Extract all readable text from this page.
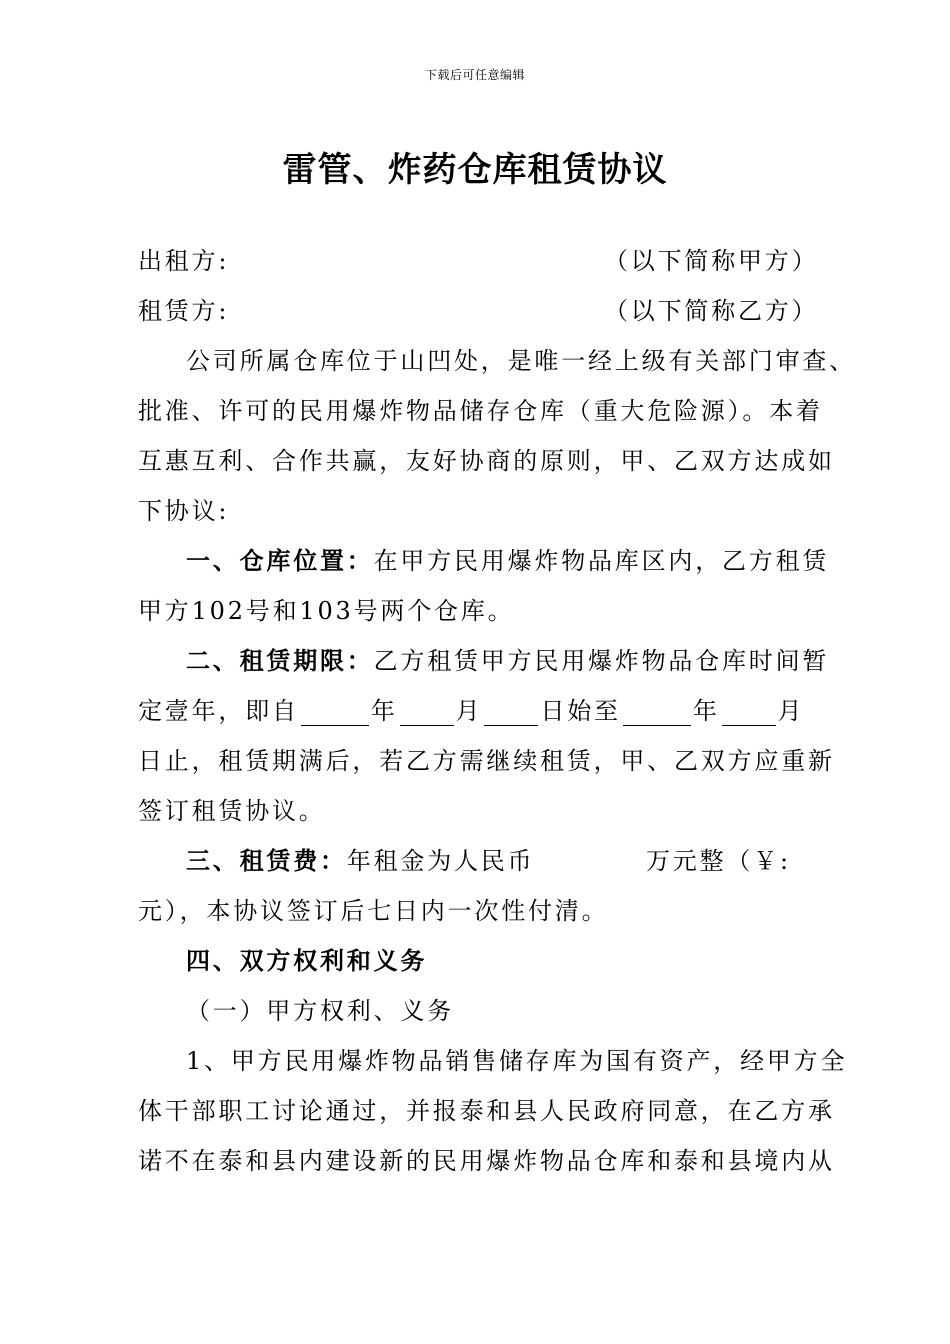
下载后可任意编辑
雷管、炸药仓库租赁协议
出租方:	（以下简称甲方）
租赁方:	（以下简称乙方）
公司所属仓库位于山凹处，是唯一经上级有关部门审查、
批准、许可的民用爆炸物品储存仓库（重大危险源）。本着
互惠互利、合作共赢，友好协商的原则，甲、乙双方达成如
下协议:
一、仓库位置：在甲方民用爆炸物品库区内，乙方租赁
甲方102号和103号两个仓库。
二、租赁期限：乙方租赁甲方民用爆炸物品仓库时间暂
定壹年，即自	年 月 日始至	年 月
日止，租赁期满后，若乙方需继续租赁，甲、乙双方应重新
签订租赁协议。
三、租赁费：年租金为人民币	万元整（￥:
元），本协议签订后七日内一次性付清。
四、双方权利和义务
（一）甲方权利、义务
1、甲方民用爆炸物品销售储存库为国有资产，经甲方全
体干部职工讨论通过，并报泰和县人民政府同意，在乙方承
诺不在泰和县内建设新的民用爆炸物品仓库和泰和县境内从
